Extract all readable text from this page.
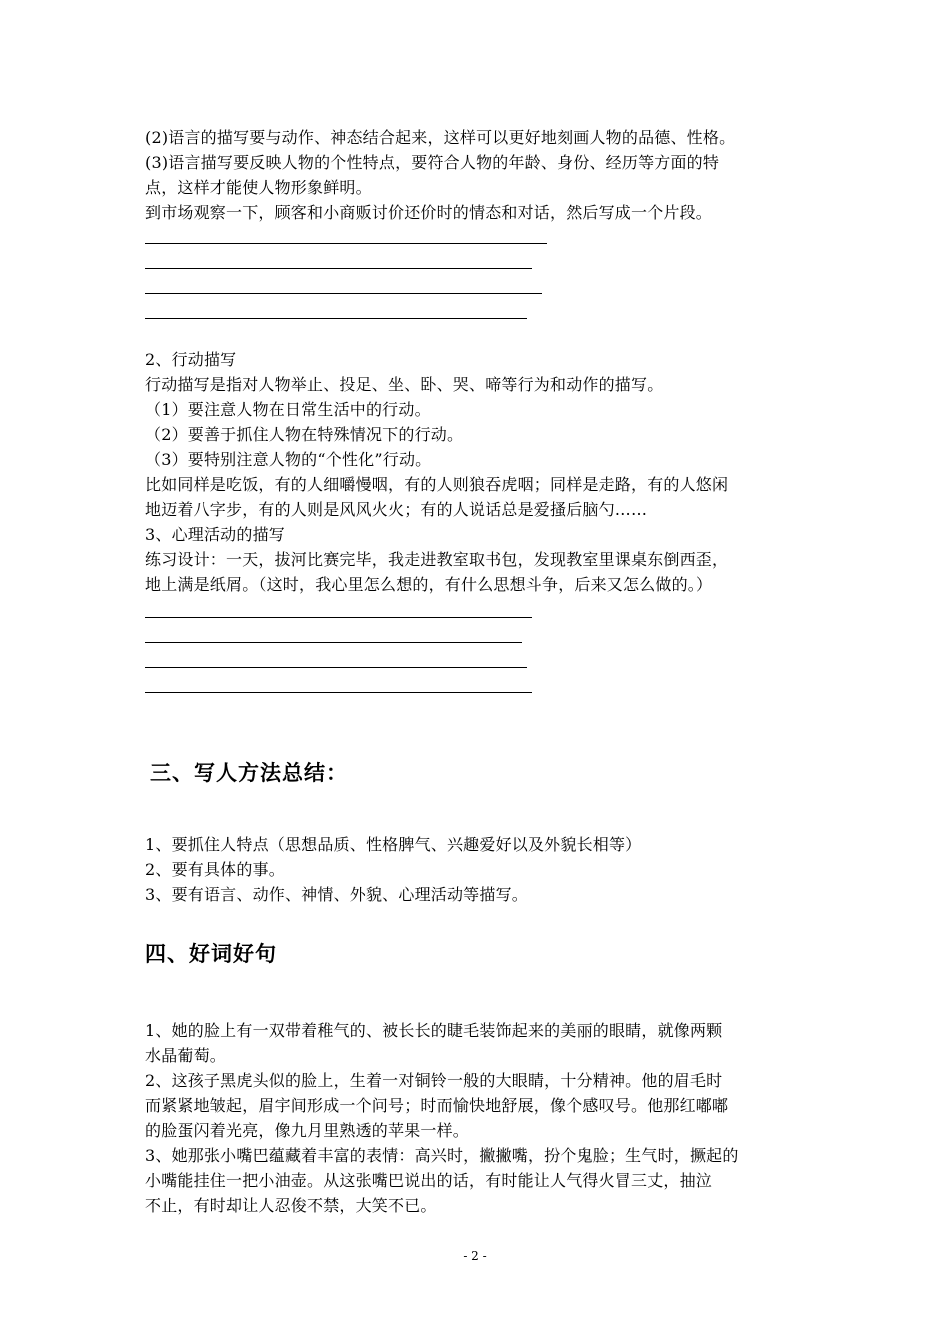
(2)语言的描写要与动作、神态结合起来，这样可以更好地刻画人物的品德、性格。
(3)语言描写要反映人物的个性特点，要符合人物的年龄、身份、经历等方面的特
点，这样才能使人物形象鲜明。
到市场观察一下，顾客和小商贩讨价还价时的情态和对话，然后写成一个片段。
2、行动描写
行动描写是指对人物举止、投足、坐、卧、哭、啼等行为和动作的描写。
（1）要注意人物在日常生活中的行动。
（2）要善于抓住人物在特殊情况下的行动。
（3）要特别注意人物的“个性化”行动。
比如同样是吃饭，有的人细嚼慢咽，有的人则狼吞虎咽；同样是走路，有的人悠闲
地迈着八字步，有的人则是风风火火；有的人说话总是爱搔后脑勺……
3、心理活动的描写
练习设计：一天，拔河比赛完毕，我走进教室取书包，发现教室里课桌东倒西歪，
地上满是纸屑。（这时，我心里怎么想的，有什么思想斗争，后来又怎么做的。）
三、写人方法总结：
1、要抓住人特点（思想品质、性格脾气、兴趣爱好以及外貌长相等）
2、要有具体的事。
3、要有语言、动作、神情、外貌、心理活动等描写。
四、好词好句
1、她的脸上有一双带着稚气的、被长长的睫毛装饰起来的美丽的眼睛，就像两颗
水晶葡萄。
2、这孩子黑虎头似的脸上，生着一对铜铃一般的大眼睛，十分精神。他的眉毛时
而紧紧地皱起，眉宇间形成一个问号；时而愉快地舒展，像个感叹号。他那红嘟嘟
的脸蛋闪着光亮，像九月里熟透的苹果一样。
3、她那张小嘴巴蕴藏着丰富的表情：高兴时，撇撇嘴，扮个鬼脸；生气时，撅起的
小嘴能挂住一把小油壶。从这张嘴巴说出的话，有时能让人气得火冒三丈，抽泣
不止，有时却让人忍俊不禁，大笑不已。
- 2 -
